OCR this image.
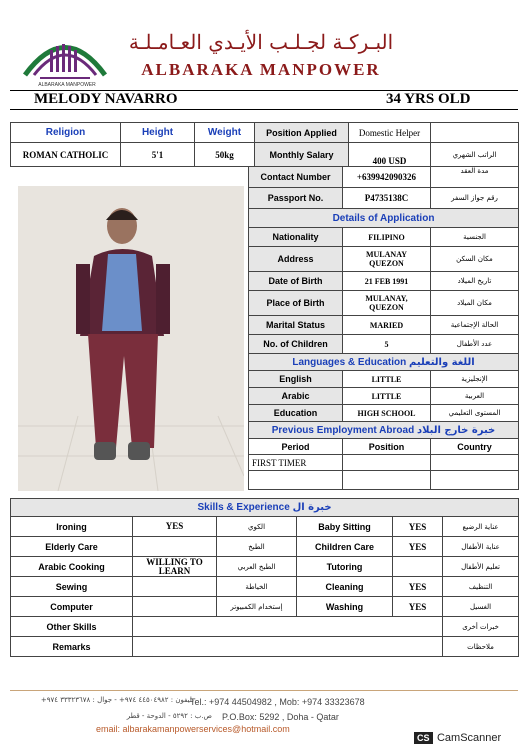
ALBARAKA MANPOWER
البـركـة لجـلـب الأيـدي العـامـلـة
ALBARAKA MANPOWER
MELODY NAVARRO	34 YRS OLD
Religion	Height	Weight	Position Applied	Domestic Helper	
ROMAN CATHOLIC	5'1	50kg	Monthly Salary	400 USD	الراتب الشهري
Contact Number	+639942090326	مدة العقد
Passport No.	P4735138C	رقم جواز السفر
Details of Application		
Nationality	FILIPINO	الجنسية
Address	MULANAY
QUEZON	مكان السكن
Date of Birth	21 FEB 1991	تاريخ الميلاد
Place of Birth	MULANAY,
QUEZON	مكان الميلاد
Marital Status	MARIED	الحالة الإجتماعية
No. of Children	5	عدد الأطفال
Languages & Education اللغة والتعليم		
English	LITTLE	الإنجليزية
Arabic	LITTLE	العربية
Education	HIGH SCHOOL	المستوى التعليمي
Previous Employment Abroad خبرة خارج البلاد		
Period	Position	Country
FIRST TIMER		

Skills & Experience خبرة ال					
Ironing	YES	الكوي	Baby Sitting	YES	عناية الرضيع
Elderly Care		الطبخ	Children Care	YES	عناية الأطفال
Arabic Cooking	WILLING TO
LEARN	الطبخ العربي	Tutoring		تعليم الأطفال
Sewing		الخياطة	Cleaning	YES	التنظيف
Computer		إستخدام الكمبيوتر	Washing	YES	الغسيل
Other Skills					خبرات أخرى
Remarks					ملاحظات
تليفون : ٤٤٥٠٤٩٨٢ ٩٧٤+ - جوال : ٣٣٣٢٣٦٧٨ ٩٧٤+
Tel.: +974 44504982 , Mob: +974 33323678
ص.ب : ٥٢٩٢ - الدوحة - قطر P.O.Box: 5292 , Doha - Qatar
email: albarakamanpowerservices@hotmail.com
CS CamScanner
